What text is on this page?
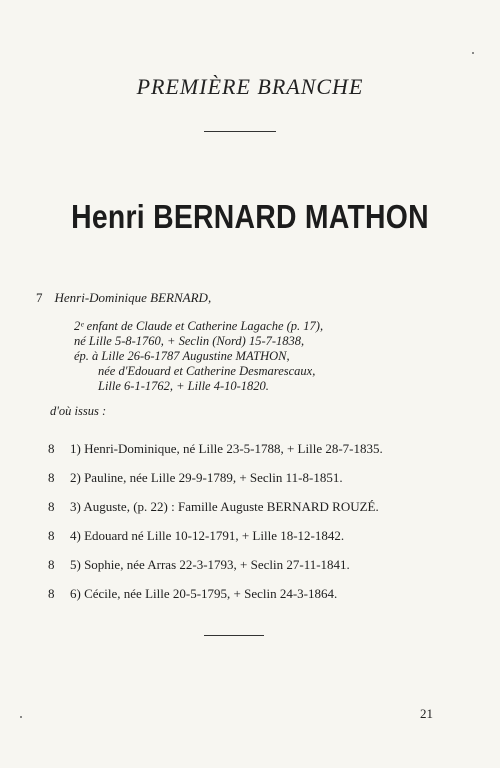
PREMIÈRE BRANCHE
Henri BERNARD MATHON
7 Henri-Dominique BERNARD,
2ᵉ enfant de Claude et Catherine Lagache (p. 17),
né Lille 5-8-1760, + Seclin (Nord) 15-7-1838,
ép. à Lille 26-6-1787 Augustine MATHON,
née d'Edouard et Catherine Desmarescaux,
Lille 6-1-1762, + Lille 4-10-1820.
d'où issus :
8 1) Henri-Dominique, né Lille 23-5-1788, + Lille 28-7-1835.
8 2) Pauline, née Lille 29-9-1789, + Seclin 11-8-1851.
8 3) Auguste, (p. 22) : Famille Auguste BERNARD ROUZÉ.
8 4) Edouard né Lille 10-12-1791, + Lille 18-12-1842.
8 5) Sophie, née Arras 22-3-1793, + Seclin 27-11-1841.
8 6) Cécile, née Lille 20-5-1795, + Seclin 24-3-1864.
21
